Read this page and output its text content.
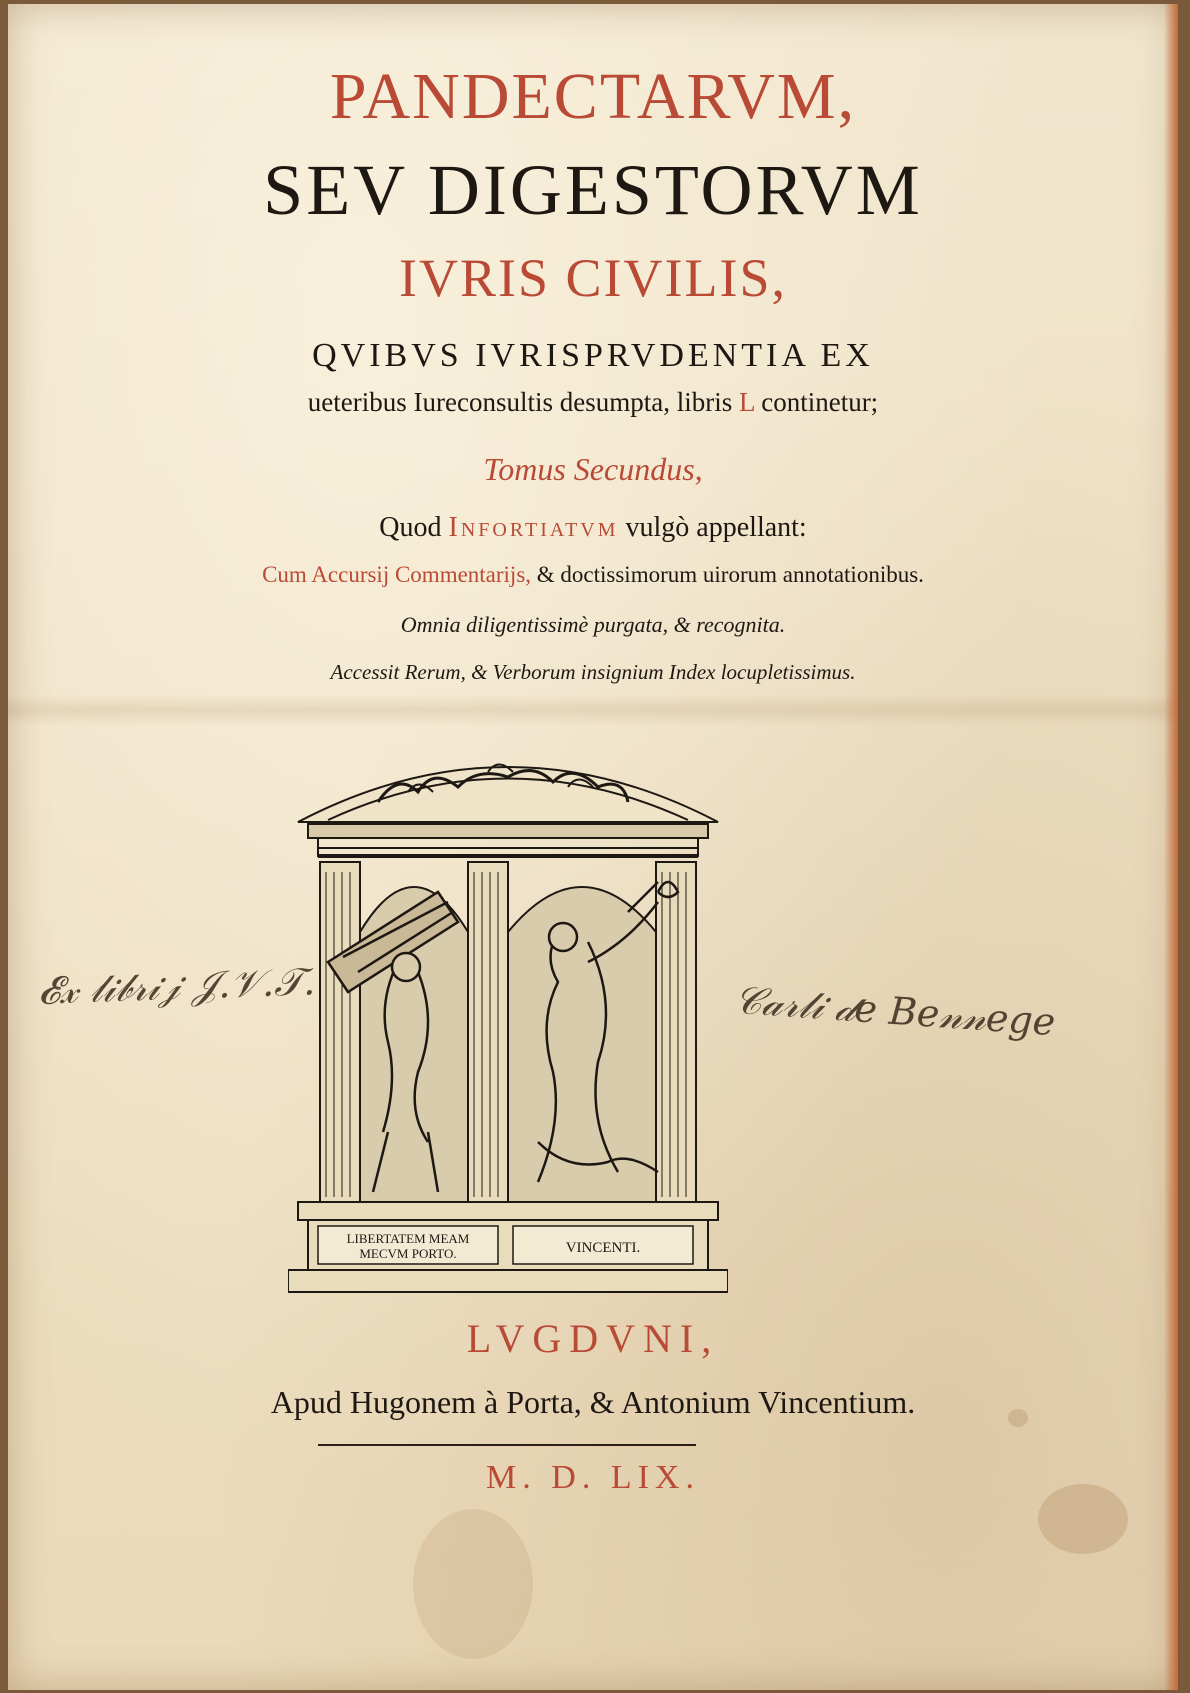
PANDECTARVM,

SEV DIGESTORVM

IVRIS CIVILIS,

QVIBVS IVRISPRVDENTIA EX

ueteribus Iureconsultis desumpta, libris L continetur;

Tomus Secundus,

Quod Infortiatvm vulgò appellant:

Cum Accursij Commentarijs, & doctissimorum uirorum annotationibus.

Omnia diligentissimè purgata, & recognita.

Accessit Rerum, & Verborum insignium Index locupletissimus.

𝓔𝓍 𝓁𝒾𝒷𝓇𝒾𝒿 𝒥.𝒱.𝒯.	𝒞𝒶𝓇𝓁𝒾 𝒹𝑒 𝐵𝑒𝓃𝓃𝑒𝑔𝑒
LIBERTATEM MEAM
MECVM PORTO.	VINCENTI.

LVGDVNI,

Apud Hugonem à Porta, & Antonium Vincentium.

M. D. LIX.
